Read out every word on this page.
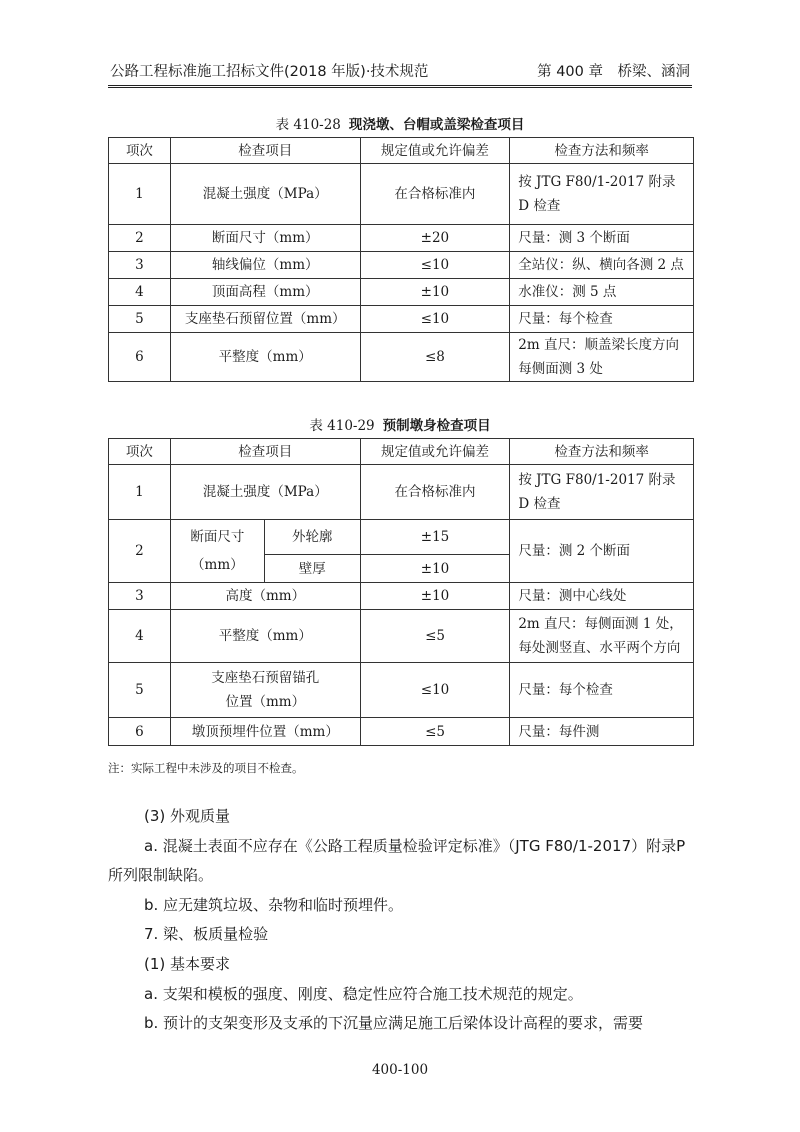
公路工程标准施工招标文件(2018 年版)·技术规范	第 400 章　桥梁、涵洞
表 410-28 现浇墩、台帽或盖梁检查项目
项次	检查项目	规定值或允许偏差	检查方法和频率
1	混凝土强度（MPa）	在合格标准内	按 JTG F80/1-2017 附录 D 检查
2	断面尺寸（mm）	±20	尺量：测 3 个断面
3	轴线偏位（mm）	≤10	全站仪：纵、横向各测 2 点
4	顶面高程（mm）	±10	水准仪：测 5 点
5	支座垫石预留位置（mm）	≤10	尺量：每个检查
6	平整度（mm）	≤8	2m 直尺：顺盖梁长度方向每侧面测 3 处
表 410-29 预制墩身检查项目
项次	检查项目		规定值或允许偏差	检查方法和频率
1	混凝土强度（MPa）		在合格标准内	按 JTG F80/1-2017 附录 D 检查
2	断面尺寸（mm）	外轮廓	±15	尺量：测 2 个断面
		壁厚	±10	
3	高度（mm）		±10	尺量：测中心线处
4	平整度（mm）		≤5	2m 直尺：每侧面测 1 处，每处测竖直、水平两个方向
5	支座垫石预留锚孔位置（mm）		≤10	尺量：每个检查
6	墩顶预埋件位置（mm）		≤5	尺量：每件测
注：实际工程中未涉及的项目不检查。

(3) 外观质量

a. 混凝土表面不应存在《公路工程质量检验评定标准》（JTG F80/1-2017）附录P所列限制缺陷。

b. 应无建筑垃圾、杂物和临时预埋件。

7. 梁、板质量检验

(1) 基本要求

a. 支架和模板的强度、刚度、稳定性应符合施工技术规范的规定。

b. 预计的支架变形及支承的下沉量应满足施工后梁体设计高程的要求，需要

400-100
